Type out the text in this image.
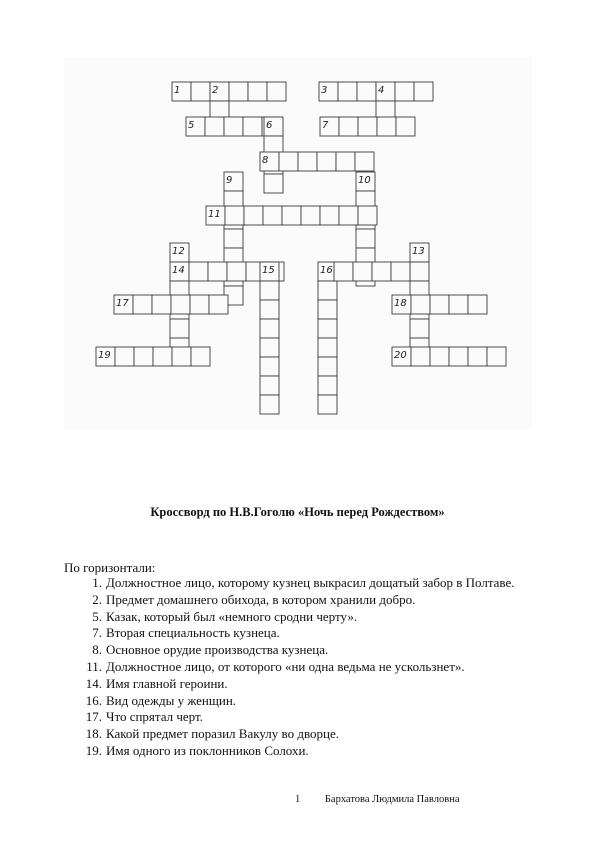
1	2	3	4
5	6	7
8
9	10
11
12	13
14	15	16
17	18
19	20
Кроссворд по Н.В.Гоголю «Ночь перед Рождеством»
По горизонтали:
1. Должностное лицо, которому кузнец выкрасил дощатый забор в Полтаве.
2. Предмет домашнего обихода, в котором хранили добро.
5. Казак, который был «немного сродни черту».
7. Вторая специальность кузнеца.
8. Основное орудие производства кузнеца.
11. Должностное лицо, от которого «ни одна ведьма не ускользнет».
14. Имя главной героини.
16. Вид одежды у женщин.
17. Что спрятал черт.
18. Какой предмет поразил Вакулу во дворце.
19. Имя одного из поклонников Солохи.
1 Бархатова Людмила Павловна
